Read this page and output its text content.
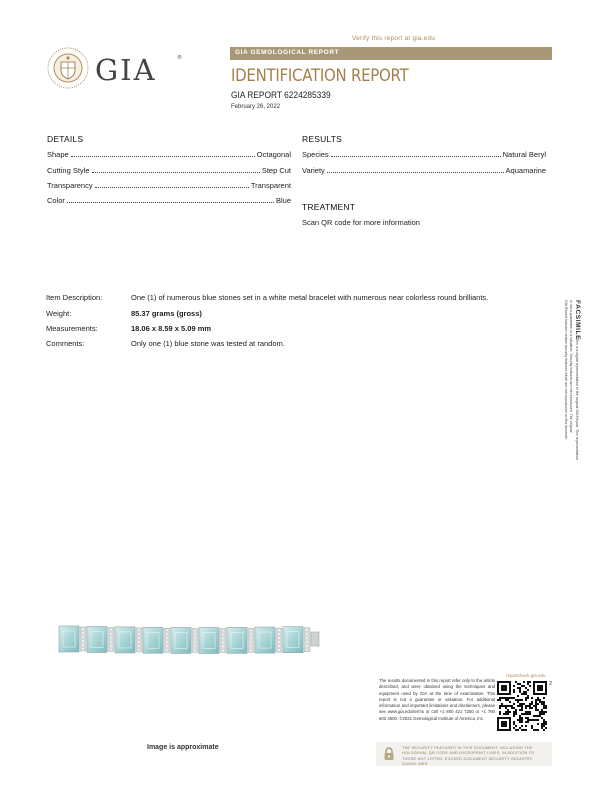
Verify this report at gia.edu
GIA GEMOLOGICAL REPORT
GIA	®
IDENTIFICATION REPORT
GIA REPORT 6224285339
February 26, 2022
DETAILS
Shape	Octagonal
Cutting Style	Step Cut
Transparency	Transparent
Color	Blue
RESULTS
Species	Natural Beryl
Variety	Aquamarine
TREATMENT
Scan QR code for more information
Item Description:	One (1) of numerous blue stones set in a white metal bracelet with numerous near colorless round brilliants.
Weight:	85.37 grams (gross)
Measurements:	18.06 x 8.59 x 5.09 mm
Comments:	Only one (1) blue stone was tested at random.
FACSIMILE
This is a digital representation of the original GIA Report. This representation
is not a guarantee or a valuation. Security features are not reproduced. The original
GIA Report includes certain security features which are not reproduced on this facsimile.
Image is approximate
The results documented in this report refer only to the article described, and were obtained using the techniques and equipment used by GIA at the time of examination. This report is not a guarantee or valuation. For additional information and important limitations and disclaimers, please see www.gia.edu/terms or call +1 800 421 7250 or +1 760 603 4500. ©2021 Gemological Institute of America, Inc.
reportcheck.gia.edu
2
THE SECURITY FEATURES IN THIS DOCUMENT, INCLUDING THE HOLOGRAM, QR CODE AND MICROPRINT LINES, IN ADDITION TO THOSE NOT LISTED, EXCEED DOCUMENT SECURITY INDUSTRY GUIDELINES.
